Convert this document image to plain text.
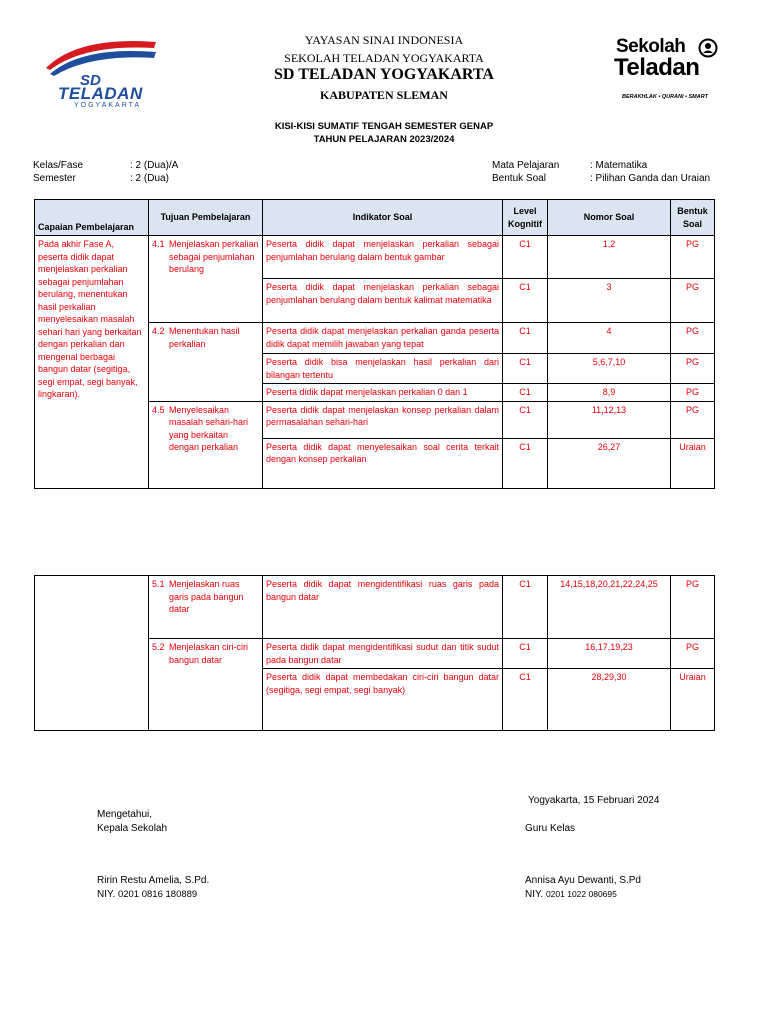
SD
TELADAN
YOGYAKARTA
YAYASAN SINAI INDONESIA
SEKOLAH TELADAN YOGYAKARTA
SD TELADAN YOGYAKARTA
KABUPATEN SLEMAN
Sekolah
Teladan
BERAKHLAK • QURANI • SMART
KISI-KISI SUMATIF TENGAH SEMESTER GENAP
TAHUN PELAJARAN 2023/2024
Kelas/Fase	: 2 (Dua)/A
Semester	: 2 (Dua)
Mata Pelajaran	: Matematika
Bentuk Soal	: Pilihan Ganda dan Uraian
Capaian Pembelajaran	Tujuan Pembelajaran	Indikator Soal	Level Kognitif	Nomor Soal	Bentuk Soal
Pada akhir Fase A, peserta didik dapat menjelaskan perkalian sebagai penjumlahan berulang, menentukan hasil perkalian menyelesaikan masalah sehari hari yang berkaitan dengan perkalian dan mengenal berbagai bangun datar (segitiga, segi empat, segi banyak, lingkaran).	4.1 Menjelaskan perkalian sebagai penjumlahan berulang	Peserta didik dapat menjelaskan perkalian sebagai penjumlahan berulang dalam bentuk gambar	C1	1,2	PG
		Peserta didik dapat menjelaskan perkalian sebagai penjumlahan berulang dalam bentuk kalimat matematika	C1	3	PG

	4.2 Menentukan hasil perkalian	Peserta didik dapat menjelaskan perkalian ganda peserta didik dapat memilih jawaban yang tepat	C1	4	PG
		Peserta didik bisa menjelaskan hasil perkalian dari bilangan tertentu	C1	5,6,7,10	PG
		Peserta didik dapat menjelaskan perkalian 0 dan 1	C1	8,9	PG

	4.5 Menyelesaikan masalah sehari-hari yang berkaitan dengan perkalian	Peserta didik dapat menjelaskan konsep perkalian dalam permasalahan sehari-hari	C1	11,12,13	PG
		Peserta didik dapat menyelesaikan soal cerita terkait dengan konsep perkalian	C1	26,27	Uraian

	5.1 Menjelaskan ruas garis pada bangun datar	Peserta didik dapat mengidentifikasi ruas garis pada bangun datar	C1	14,15,18,20,21,22,24,25	PG

	5.2 Menjelaskan ciri-ciri bangun datar	Peserta didik dapat mengidentifikasi sudut dan titik sudut pada bangun datar	C1	16,17,19,23	PG
		Peserta didik dapat membedakan ciri-ciri bangun datar (segitiga, segi empat, segi banyak)	C1	28,29,30	Uraian
Yogyakarta, 15 Februari 2024
Mengetahui,
Kepala Sekolah	Guru Kelas
Ririn Restu Amelia, S.Pd.
NIY. 0201 0816 180889
Annisa Ayu Dewanti, S.Pd
NIY. 0201 1022 080695
